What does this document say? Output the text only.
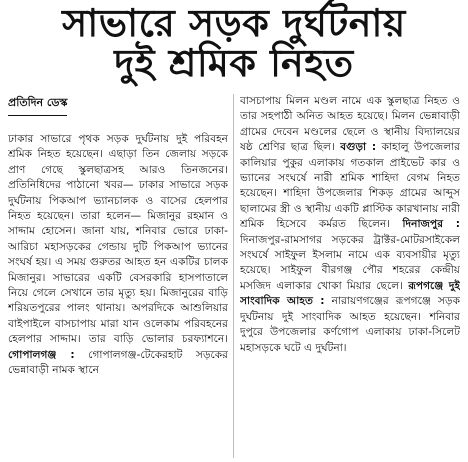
সাভারে সড়ক দুর্ঘটনায়
দুই শ্রমিক নিহত
প্রতিদিন ডেস্ক

ঢাকার সাভারে পৃথক সড়ক দুর্ঘটনায় দুই পরিবহন শ্রমিক নিহত হয়েছেন। এছাড়া তিন জেলায় সড়কে প্রাণ গেছে স্কুলছাত্রসহ আরও তিনজনের। প্রতিনিধিদের পাঠানো খবর— ঢাকার সাভারে সড়ক দুর্ঘটনায় পিকআপ ভ্যানচালক ও বাসের হেলপার নিহত হয়েছেন। তারা হলেন— মিজানুর রহমান ও সাদ্দাম হোসেন। জানা যায়, শনিবার ভোরে ঢাকা-আরিচা মহাসড়কের গেন্ডায় দুটি পিকআপ ভ্যানের সংঘর্ষ হয়। এ সময় গুরুতর আহত হন একটির চালক মিজানুর। সাভারের একটি বেসরকারি হাসপাতালে নিয়ে গেলে সেখানে তার মৃত্যু হয়। মিজানুরের বাড়ি শরিয়তপুরের পালং থানায়। অপরদিকে আশুলিয়ার বাইপাইলে বাসচাপায় মারা যান ওলেকাম পরিবহনের হেলপার সাদ্দাম। তার বাড়ি ভোলার চরফ্যাশনে। গোপালগঞ্জ : গোপালগঞ্জ-টেকেরহাট সড়কের ভেন্নাবাড়ী নামক স্থানে

বাসচাপায় মিলন মণ্ডল নামে এক স্কুলছাত্র নিহত ও তার সহপাঠী অনিত আহত হয়েছে। মিলন ভেন্নাবাড়ী গ্রামের দেবেন মণ্ডলের ছেলে ও স্থানীয় বিদ্যালয়ের ষষ্ঠ শ্রেণির ছাত্র ছিল। বগুড়া : কাহালু উপজেলার কালিয়ার পুকুর এলাকায় গতকাল প্রাইভেট কার ও ভ্যানের সংঘর্ষে নারী শ্রমিক শাহিদা বেগম নিহত হয়েছেন। শাহিদা উপজেলার শিকড় গ্রামের আব্দুস ছালামের স্ত্রী ও স্থানীয় একটি প্লাস্টিক কারখানায় নারী শ্রমিক হিসেবে কর্মরত ছিলেন। দিনাজপুর : দিনাজপুর-রামসাগর সড়কের ট্রাক্টর-মোটরসাইকেল সংঘর্ষে সাইফুল ইসলাম নামে এক ব্যবসায়ীর মৃত্যু হয়েছে। সাইফুল বীরগঞ্জ পৌর শহরের কেন্দ্রীয় মসজিদ এলাকার খোকা মিয়ার ছেলে। রূপগঞ্জে দুই সাংবাদিক আহত : নারায়ণগঞ্জের রূপগঞ্জে সড়ক দুর্ঘটনায় দুই সাংবাদিক আহত হয়েছেন। শনিবার দুপুরে উপজেলার কর্ণগোপ এলাকায় ঢাকা-সিলেট মহাসড়কে ঘটে এ দুর্ঘটনা।
